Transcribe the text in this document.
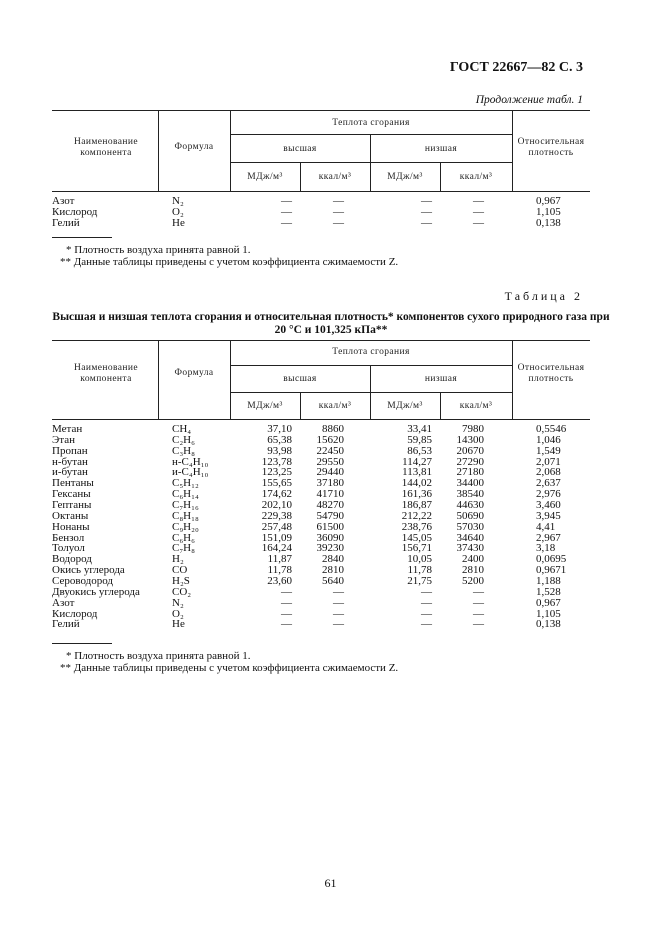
ГОСТ 22667—82 С. 3
Продолжение табл. 1
Наименование компонента
Формула
Теплота сгорания
высшая	низшая
МДж/м³	ккал/м³	МДж/м³	ккал/м³
Относительная плотность
Азот	N₂	—	—	—	—	0,967
Кислород	O₂	—	—	—	—	1,105
Гелий	He	—	—	—	—	0,138
* Плотность воздуха принята равной 1.
** Данные таблицы приведены с учетом коэффициента сжимаемости Z.
Таблица 2
Высшая и низшая теплота сгорания и относительная плотность* компонентов сухого природного газа при
20 °С и 101,325 кПа**
Наименование компонента
Формула
Теплота сгорания
высшая	низшая
МДж/м³	ккал/м³	МДж/м³	ккал/м³
Относительная плотность
Метан	CH₄	37,10	8860	33,41	7980	0,5546
Этан	C₂H₆	65,38	15620	59,85	14300	1,046
Пропан	C₃H₈	93,98	22450	86,53	20670	1,549
н-бутан	н-C₄H₁₀	123,78	29550	114,27	27290	2,071
и-бутан	и-C₄H₁₀	123,25	29440	113,81	27180	2,068
Пентаны	C₅H₁₂	155,65	37180	144,02	34400	2,637
Гексаны	C₆H₁₄	174,62	41710	161,36	38540	2,976
Гептаны	C₇H₁₆	202,10	48270	186,87	44630	3,460
Октаны	C₈H₁₈	229,38	54790	212,22	50690	3,945
Нонаны	C₉H₂₀	257,48	61500	238,76	57030	4,41
Бензол	C₆H₆	151,09	36090	145,05	34640	2,967
Толуол	C₇H₈	164,24	39230	156,71	37430	3,18
Водород	H₂	11,87	2840	10,05	2400	0,0695
Окись углерода	CO	11,78	2810	11,78	2810	0,9671
Сероводород	H₂S	23,60	5640	21,75	5200	1,188
Двуокись углерода	CO₂	—	—	—	—	1,528
Азот	N₂	—	—	—	—	0,967
Кислород	O₂	—	—	—	—	1,105
Гелий	He	—	—	—	—	0,138
* Плотность воздуха принята равной 1.
** Данные таблицы приведены с учетом коэффициента сжимаемости Z.
61
